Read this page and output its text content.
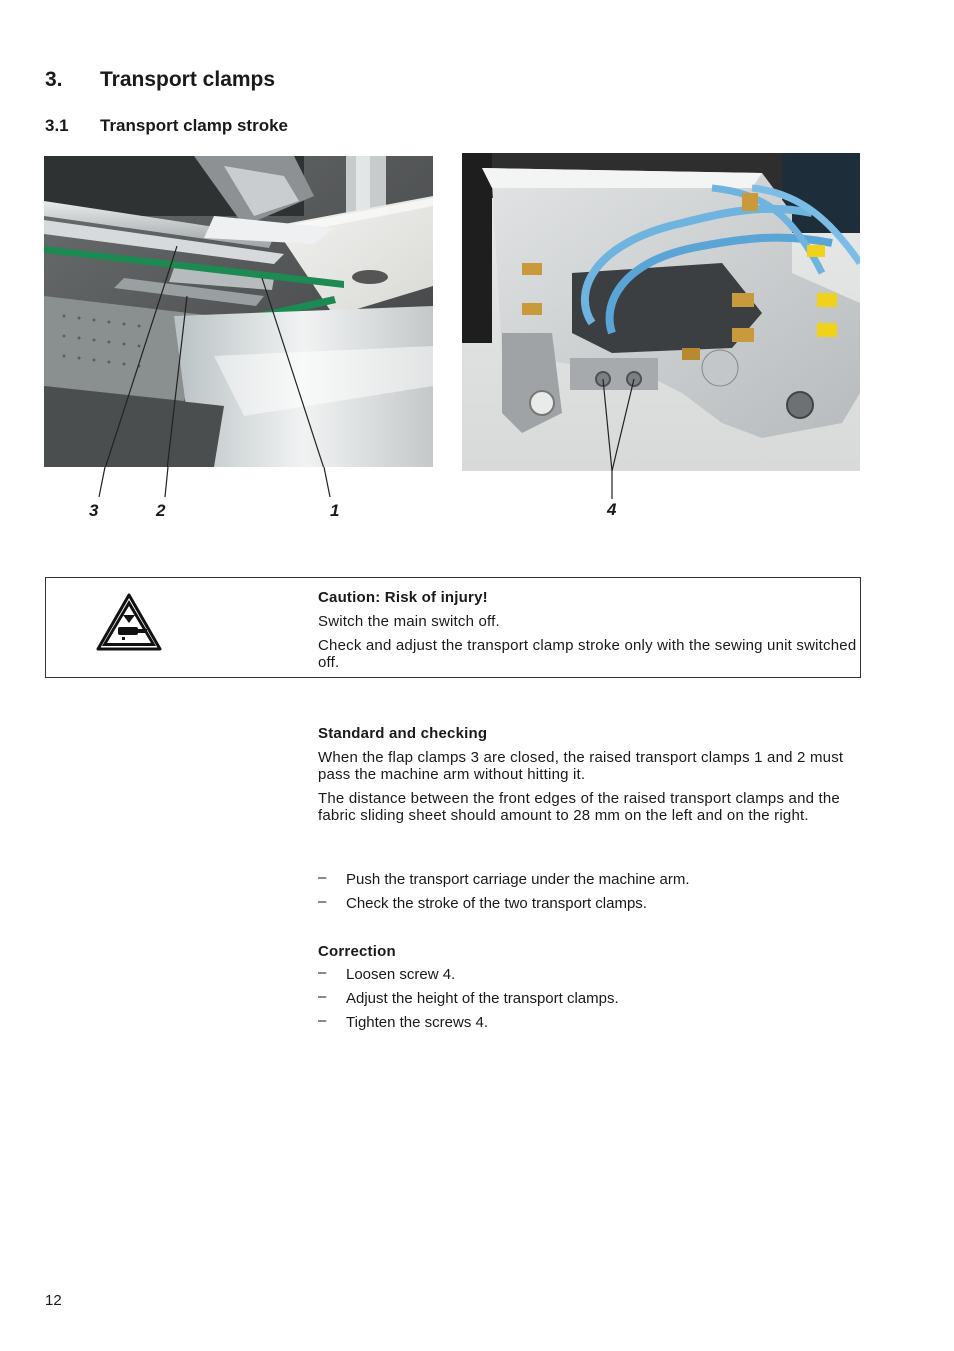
3. Transport clamps
3.1 Transport clamp stroke
3	2	1	4
Caution: Risk of injury!
Switch the main switch off.
Check and adjust the transport clamp stroke only with the sewing unit switched off.
Standard and checking
When the flap clamps 3 are closed, the raised transport clamps 1 and 2 must pass the machine arm without hitting it.
The distance between the front edges of the raised transport clamps and the fabric sliding sheet should amount to 28 mm on the left and on the right.
– Push the transport carriage under the machine arm.
– Check the stroke of the two transport clamps.
Correction
– Loosen screw 4.
– Adjust the height of the transport clamps.
– Tighten the screws 4.
12
